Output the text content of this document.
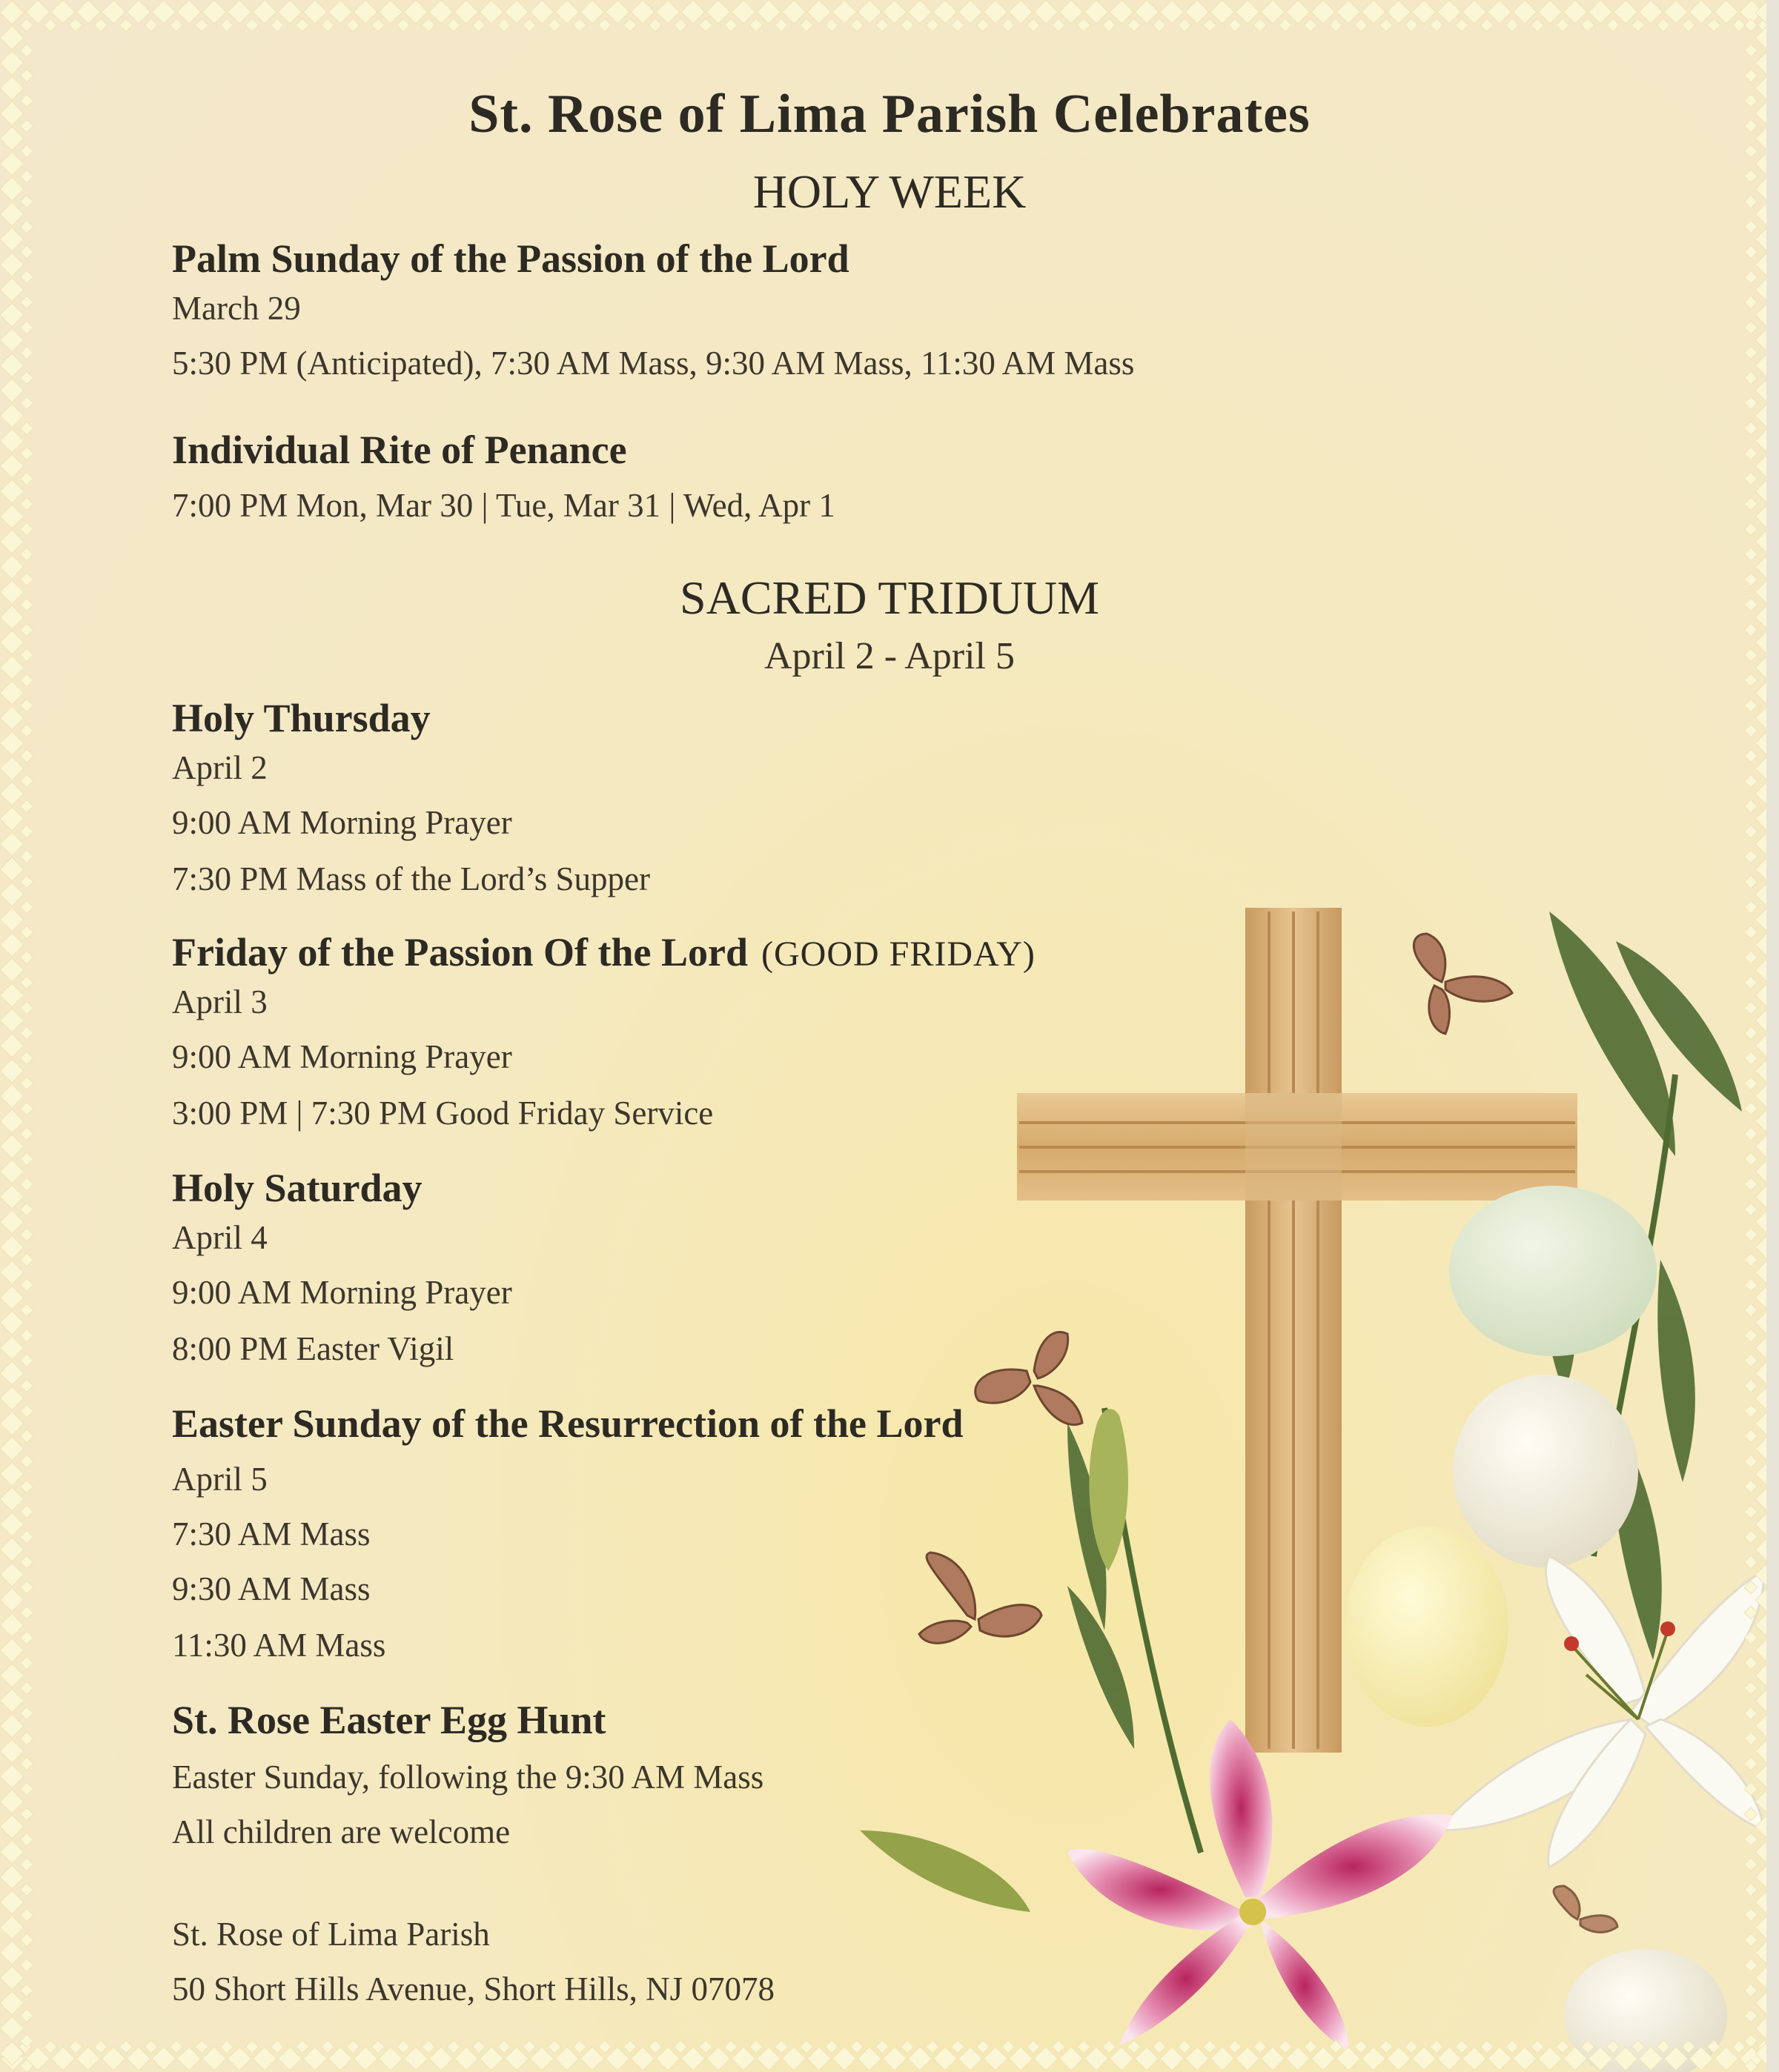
St. Rose of Lima Parish Celebrates
HOLY WEEK
Palm Sunday of the Passion of the Lord
March 29
5:30 PM (Anticipated), 7:30 AM Mass, 9:30 AM Mass, 11:30 AM Mass
Individual Rite of Penance
7:00 PM Mon, Mar 30 | Tue, Mar 31 | Wed, Apr 1
SACRED TRIDUUM
April 2 - April 5
Holy Thursday
April 2
9:00 AM Morning Prayer
7:30 PM Mass of the Lord’s Supper
Friday of the Passion Of the Lord (GOOD FRIDAY)
April 3
9:00 AM Morning Prayer
3:00 PM | 7:30 PM Good Friday Service
Holy Saturday
April 4
9:00 AM Morning Prayer
8:00 PM Easter Vigil
Easter Sunday of the Resurrection of the Lord
April 5
7:30 AM Mass
9:30 AM Mass
11:30 AM Mass
St. Rose Easter Egg Hunt
Easter Sunday, following the 9:30 AM Mass
All children are welcome
St. Rose of Lima Parish
50 Short Hills Avenue, Short Hills, NJ 07078
